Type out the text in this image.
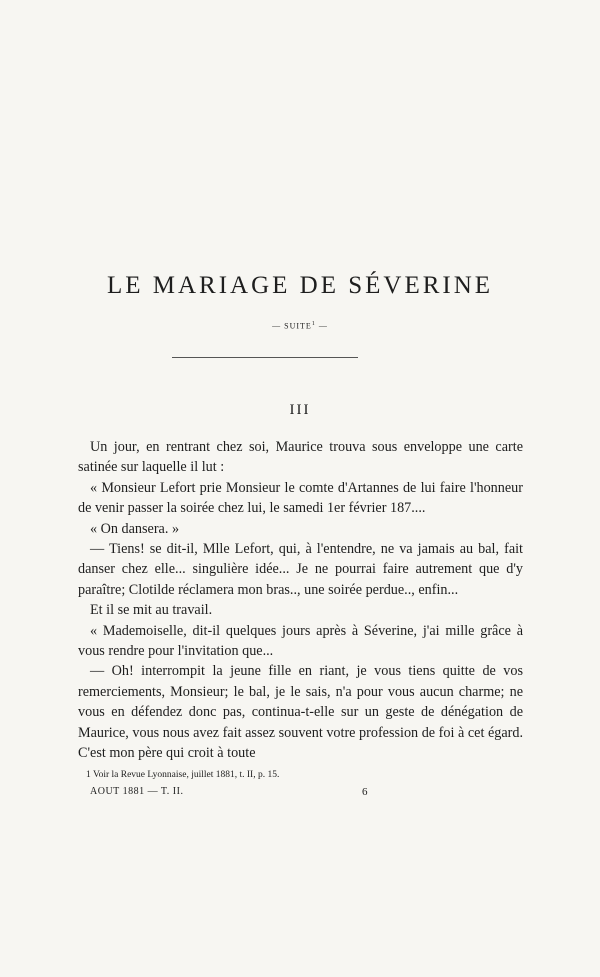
LE MARIAGE DE SÉVERINE
— SUITE$^1$ —
III

Un jour, en rentrant chez soi, Maurice trouva sous enveloppe une carte satinée sur laquelle il lut :

« Monsieur Lefort prie Monsieur le comte d'Artannes de lui faire l'honneur de venir passer la soirée chez lui, le samedi 1er février 187....

« On dansera. »

— Tiens! se dit-il, Mlle Lefort, qui, à l'entendre, ne va jamais au bal, fait danser chez elle... singulière idée... Je ne pourrai faire autrement que d'y paraître; Clotilde réclamera mon bras.., une soirée perdue.., enfin...

Et il se mit au travail.

« Mademoiselle, dit-il quelques jours après à Séverine, j'ai mille grâce à vous rendre pour l'invitation que...

— Oh! interrompit la jeune fille en riant, je vous tiens quitte de vos remerciements, Monsieur; le bal, je le sais, n'a pour vous aucun charme; ne vous en défendez donc pas, continua-t-elle sur un geste de dénégation de Maurice, vous nous avez fait assez souvent votre profession de foi à cet égard. C'est mon père qui croit à toute

1 Voir la Revue Lyonnaise, juillet 1881, t. II, p. 15.
AOUT 1881 — T. II.	6
